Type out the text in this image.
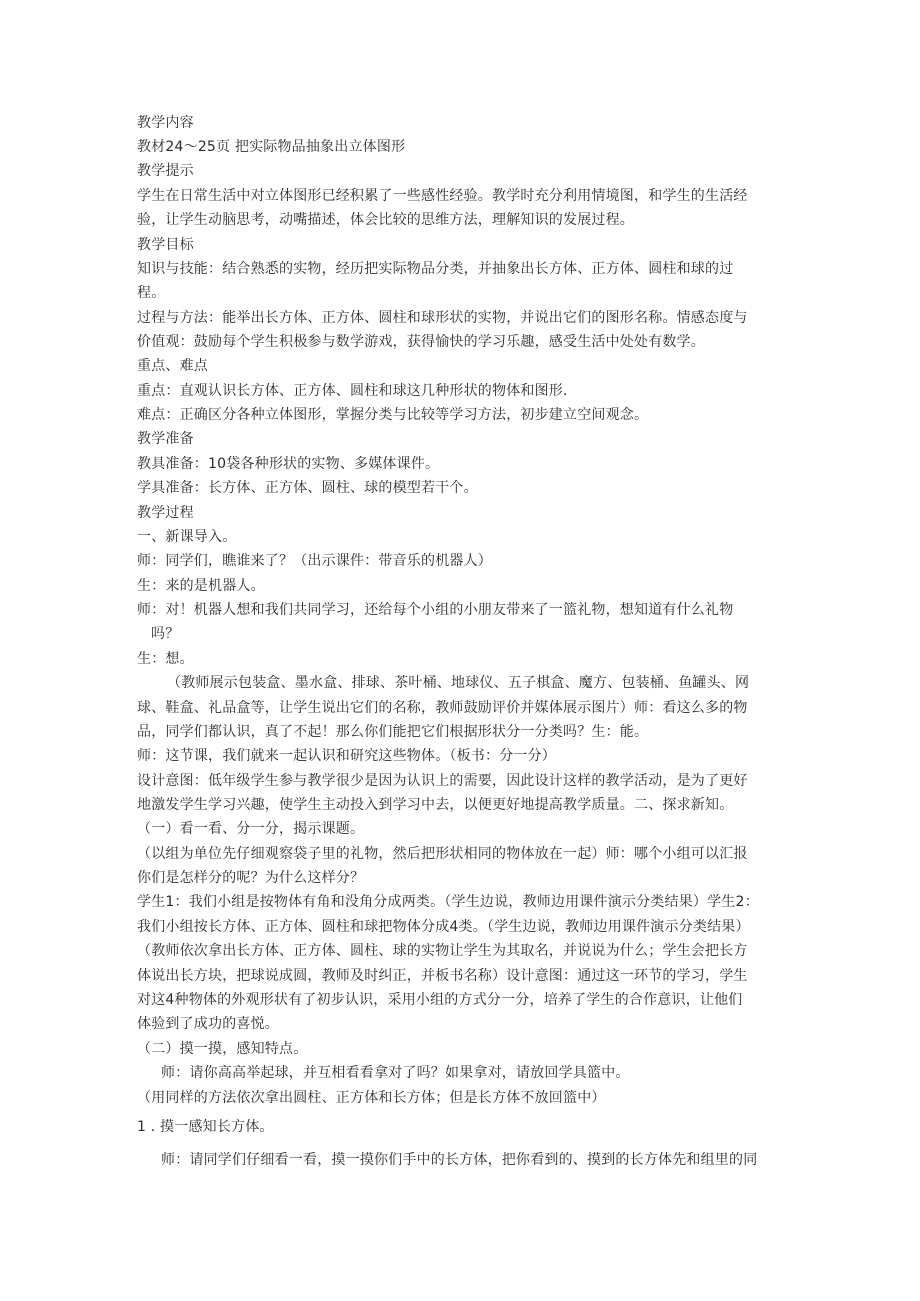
教学内容
教材24～25页 把实际物品抽象出立体图形
教学提示
学生在日常生活中对立体图形已经积累了一些感性经验。教学时充分利用情境图，和学生的生活经
验，让学生动脑思考，动嘴描述，体会比较的思维方法，理解知识的发展过程。
教学目标
知识与技能：结合熟悉的实物，经历把实际物品分类，并抽象出长方体、正方体、圆柱和球的过
程。
过程与方法：能举出长方体、正方体、圆柱和球形状的实物，并说出它们的图形名称。情感态度与
价值观：鼓励每个学生积极参与数学游戏，获得愉快的学习乐趣，感受生活中处处有数学。
重点、难点
重点：直观认识长方体、正方体、圆柱和球这几种形状的物体和图形.
难点：正确区分各种立体图形，掌握分类与比较等学习方法，初步建立空间观念。
教学准备
教具准备：10袋各种形状的实物、多媒体课件。
学具准备：长方体、正方体、圆柱、球的模型若干个。
教学过程
一、新课导入。
师：同学们，瞧谁来了？（出示课件：带音乐的机器人）
生：来的是机器人。
师：对！机器人想和我们共同学习，还给每个小组的小朋友带来了一篮礼物，想知道有什么礼物
吗？
生：想。
（教师展示包装盒、墨水盒、排球、茶叶桶、地球仪、五子棋盒、魔方、包装桶、鱼罐头、网
球、鞋盒、礼品盒等，让学生说出它们的名称，教师鼓励评价并媒体展示图片）师：看这么多的物
品，同学们都认识，真了不起！那么你们能把它们根据形状分一分类吗？生：能。
师：这节课，我们就来一起认识和研究这些物体。（板书：分一分）
设计意图：低年级学生参与教学很少是因为认识上的需要，因此设计这样的教学活动，是为了更好
地激发学生学习兴趣，使学生主动投入到学习中去，以便更好地提高教学质量。二、探求新知。
（一）看一看、分一分，揭示课题。
（以组为单位先仔细观察袋子里的礼物，然后把形状相同的物体放在一起）师：哪个小组可以汇报
你们是怎样分的呢？为什么这样分？
学生1：我们小组是按物体有角和没角分成两类。（学生边说，教师边用课件演示分类结果）学生2：
我们小组按长方体、正方体、圆柱和球把物体分成4类。（学生边说，教师边用课件演示分类结果）
（教师依次拿出长方体、正方体、圆柱、球的实物让学生为其取名，并说说为什么；学生会把长方
体说出长方块，把球说成圆，教师及时纠正，并板书名称）设计意图：通过这一环节的学习，学生
对这4种物体的外观形状有了初步认识，采用小组的方式分一分，培养了学生的合作意识，让他们
体验到了成功的喜悦。
（二）摸一摸，感知特点。
师：请你高高举起球，并互相看看拿对了吗？如果拿对，请放回学具篮中。
（用同样的方法依次拿出圆柱、正方体和长方体；但是长方体不放回篮中）
1 . 摸一感知长方体。
师：请同学们仔细看一看，摸一摸你们手中的长方体，把你看到的、摸到的长方体先和组里的同
